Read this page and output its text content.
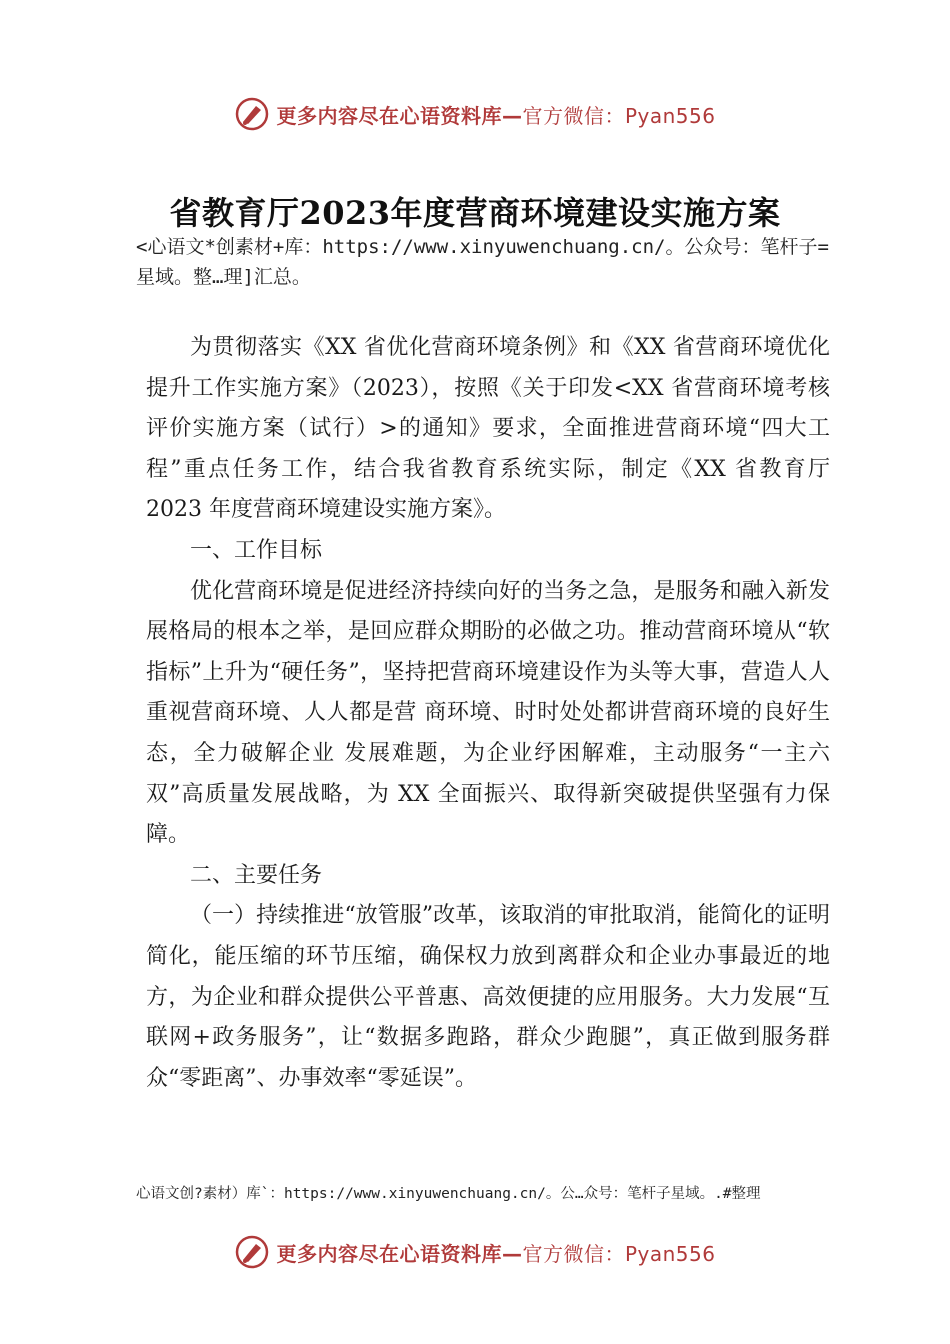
更多内容尽在心语资料库—官方微信：Pyan556
省教育厅2023年度营商环境建设实施方案
<心语文*创素材+库：https://www.xinyuwenchuang.cn/。公众号：笔杆子=星域。整…理]汇总。

为贯彻落实《XX 省优化营商环境条例》和《XX 省营商环境优化提升工作实施方案》（2023），按照《关于印发<XX 省营商环境考核评价实施方案（试行）>的通知》要求，全面推进营商环境“四大工程”重点任务工作，结合我省教育系统实际，制定《XX 省教育厅 2023 年度营商环境建设实施方案》。

一、工作目标

优化营商环境是促进经济持续向好的当务之急，是服务和融入新发展格局的根本之举，是回应群众期盼的必做之功。推动营商环境从“软指标”上升为“硬任务”，坚持把营商环境建设作为头等大事，营造人人重视营商环境、人人都是营 商环境、时时处处都讲营商环境的良好生态，全力破解企业 发展难题，为企业纾困解难，主动服务“一主六双”高质量发展战略，为 XX 全面振兴、取得新突破提供坚强有力保障。

二、主要任务

（一）持续推进“放管服”改革，该取消的审批取消，能简化的证明简化，能压缩的环节压缩，确保权力放到离群众和企业办事最近的地方，为企业和群众提供公平普惠、高效便捷的应用服务。大力发展“互联网+政务服务”，让“数据多跑路，群众少跑腿”，真正做到服务群众“零距离”、办事效率“零延误”。

心语文创?素材）库`：https://www.xinyuwenchuang.cn/。公…众号：笔杆子星域。.#整理
更多内容尽在心语资料库—官方微信：Pyan556
